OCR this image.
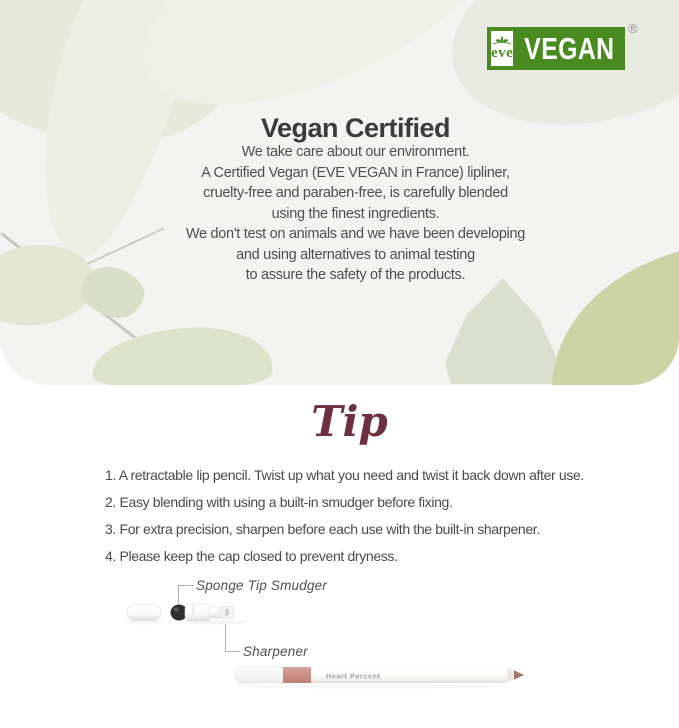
eve VEGAN
®
Vegan Certified
We take care about our environment.
A Certified Vegan (EVE VEGAN in France) lipliner,
cruelty-free and paraben-free, is carefully blended
using the finest ingredients.
We don't test on animals and we have been developing
and using alternatives to animal testing
to assure the safety of the products.
Tip
1. A retractable lip pencil. Twist up what you need and twist it back down after use.
2. Easy blending with using a built-in smudger before fixing.
3. For extra precision, sharpen before each use with the built-in sharpener.
4. Please keep the cap closed to prevent dryness.
Sponge Tip Smudger
Sharpener
Heart Percent
